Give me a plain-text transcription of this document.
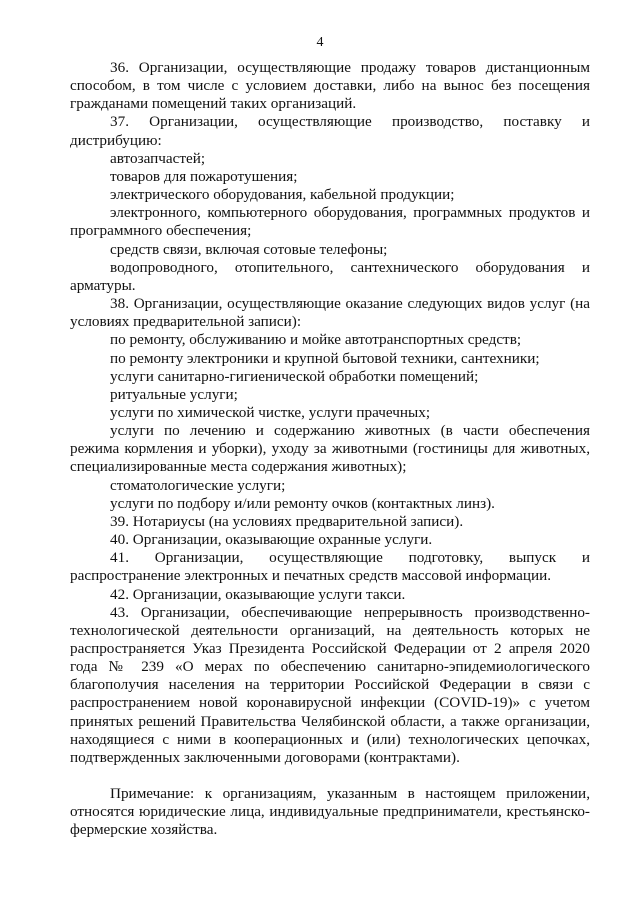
4

36. Организации, осуществляющие продажу товаров дистанционным способом, в том числе с условием доставки, либо на вынос без посещения гражданами помещений таких организаций.

37. Организации, осуществляющие производство, поставку и дистрибуцию:

автозапчастей;

товаров для пожаротушения;

электрического оборудования, кабельной продукции;

электронного, компьютерного оборудования, программных продуктов и программного обеспечения;

средств связи, включая сотовые телефоны;

водопроводного, отопительного, сантехнического оборудования и арматуры.

38. Организации, осуществляющие оказание следующих видов услуг (на условиях предварительной записи):

по ремонту, обслуживанию и мойке автотранспортных средств;

по ремонту электроники и крупной бытовой техники, сантехники;

услуги санитарно-гигиенической обработки помещений;

ритуальные услуги;

услуги по химической чистке, услуги прачечных;

услуги по лечению и содержанию животных (в части обеспечения режима кормления и уборки), уходу за животными (гостиницы для животных, специализированные места содержания животных);

стоматологические услуги;

услуги по подбору и/или ремонту очков (контактных линз).

39. Нотариусы (на условиях предварительной записи).

40. Организации, оказывающие охранные услуги.

41. Организации, осуществляющие подготовку, выпуск и распространение электронных и печатных средств массовой информации.

42. Организации, оказывающие услуги такси.

43. Организации, обеспечивающие непрерывность производственно-технологической деятельности организаций, на деятельность которых не распространяется Указ Президента Российской Федерации от 2 апреля 2020 года № 239 «О мерах по обеспечению санитарно-эпидемиологического благополучия населения на территории Российской Федерации в связи с распространением новой коронавирусной инфекции (COVID-19)» с учетом принятых решений Правительства Челябинской области, а также организации, находящиеся с ними в кооперационных и (или) технологических цепочках, подтвержденных заключенными договорами (контрактами).

Примечание: к организациям, указанным в настоящем приложении, относятся юридические лица, индивидуальные предприниматели, крестьянско-фермерские хозяйства.
